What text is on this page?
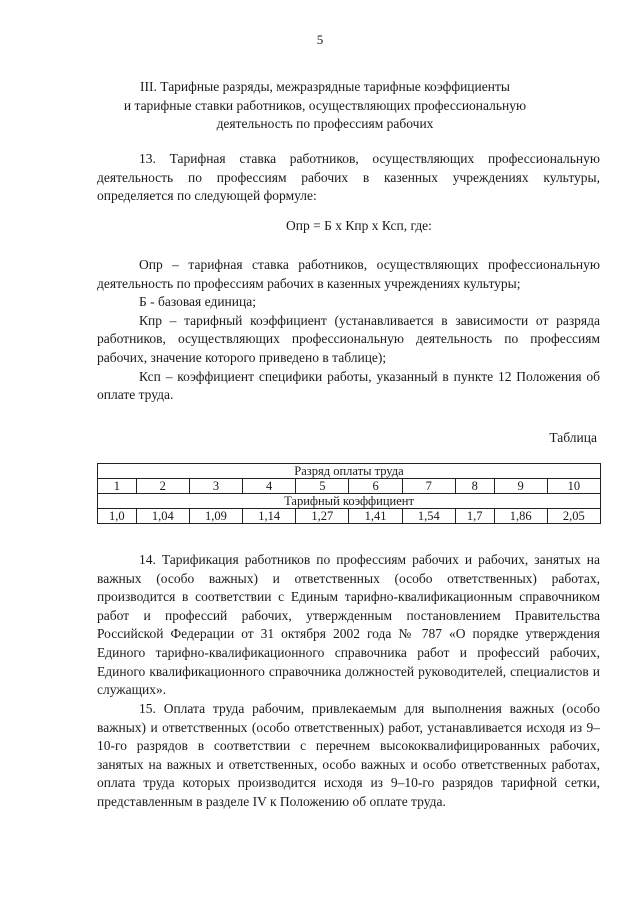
5
III. Тарифные разряды, межразрядные тарифные коэффициенты
и тарифные ставки работников, осуществляющих профессиональную
деятельность по профессиям рабочих

13. Тарифная ставка работников, осуществляющих профессиональную деятельность по профессиям рабочих в казенных учреждениях культуры, определяется по следующей формуле:

Опр = Б х Кпр х Ксп, где:

Опр – тарифная ставка работников, осуществляющих профессиональную деятельность по профессиям рабочих в казенных учреждениях культуры;

Б - базовая единица;

Кпр – тарифный коэффициент (устанавливается в зависимости от разряда работников, осуществляющих профессиональную деятельность по профессиям рабочих, значение которого приведено в таблице);

Ксп – коэффициент специфики работы, указанный в пункте 12 Положения об оплате труда.

Таблица
Разряд оплаты труда									
1	2	3	4	5	6	7	8	9	10
Тарифный коэффициент									
1,0	1,04	1,09	1,14	1,27	1,41	1,54	1,7	1,86	2,05

14. Тарификация работников по профессиям рабочих и рабочих, занятых на важных (особо важных) и ответственных (особо ответственных) работах, производится в соответствии с Единым тарифно-квалификационным справочником работ и профессий рабочих, утвержденным постановлением Правительства Российской Федерации от 31 октября 2002 года № 787 «О порядке утверждения Единого тарифно-квалификационного справочника работ и профессий рабочих, Единого квалификационного справочника должностей руководителей, специалистов и служащих».

15. Оплата труда рабочим, привлекаемым для выполнения важных (особо важных) и ответственных (особо ответственных) работ, устанавливается исходя из 9–10-го разрядов в соответствии с перечнем высококвалифицированных рабочих, занятых на важных и ответственных, особо важных и особо ответственных работах, оплата труда которых производится исходя из 9–10-го разрядов тарифной сетки, представленным в разделе IV к Положению об оплате труда.
